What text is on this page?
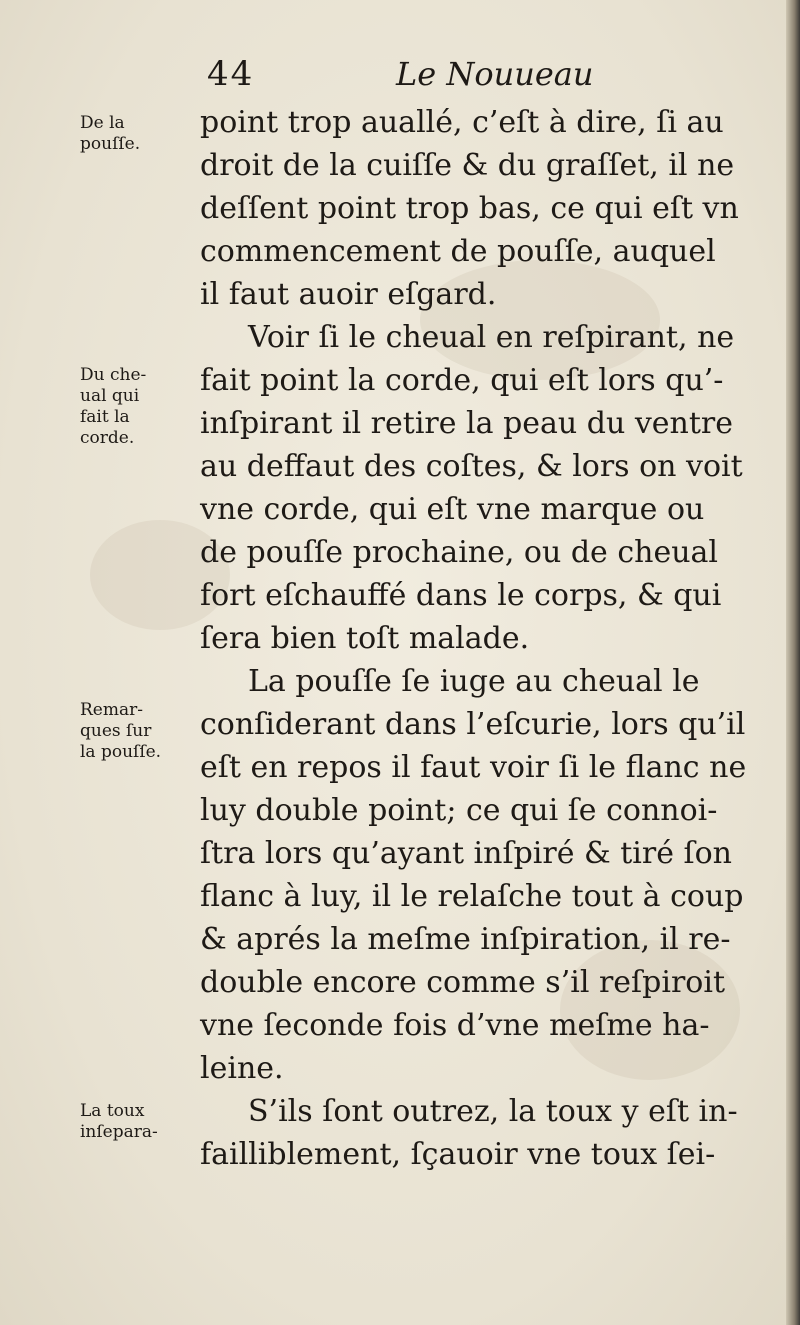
44	Le Nouueau
De la
pouſſe.
Du che-
ual qui
fait la
corde.
Remar-
ques ſur
la pouſſe.
La toux
inſepara-
point trop auallé, c’eſt à dire, ſi au
droit de la cuiſſe & du graſſet, il ne
deſſent point trop bas, ce qui eſt vn
commencement de pouſſe, auquel
il faut auoir eſgard.
Voir ſi le cheual en reſpirant, ne
fait point la corde, qui eſt lors qu’-
inſpirant il retire la peau du ventre
au deffaut des coſtes, & lors on voit
vne corde, qui eſt vne marque ou
de pouſſe prochaine, ou de cheual
fort eſchauffé dans le corps, & qui
ſera bien toſt malade.
La pouſſe ſe iuge au cheual le
conſiderant dans l’eſcurie, lors qu’il
eſt en repos il faut voir ſi le flanc ne
luy double point; ce qui ſe connoi-
ſtra lors qu’ayant inſpiré & tiré ſon
flanc à luy, il le relaſche tout à coup
& aprés la meſme inſpiration, il re-
double encore comme s’il reſpiroit
vne ſeconde fois d’vne meſme ha-
leine.
S’ils ſont outrez, la toux y eſt in-
failliblement, ſçauoir vne toux ſei-
